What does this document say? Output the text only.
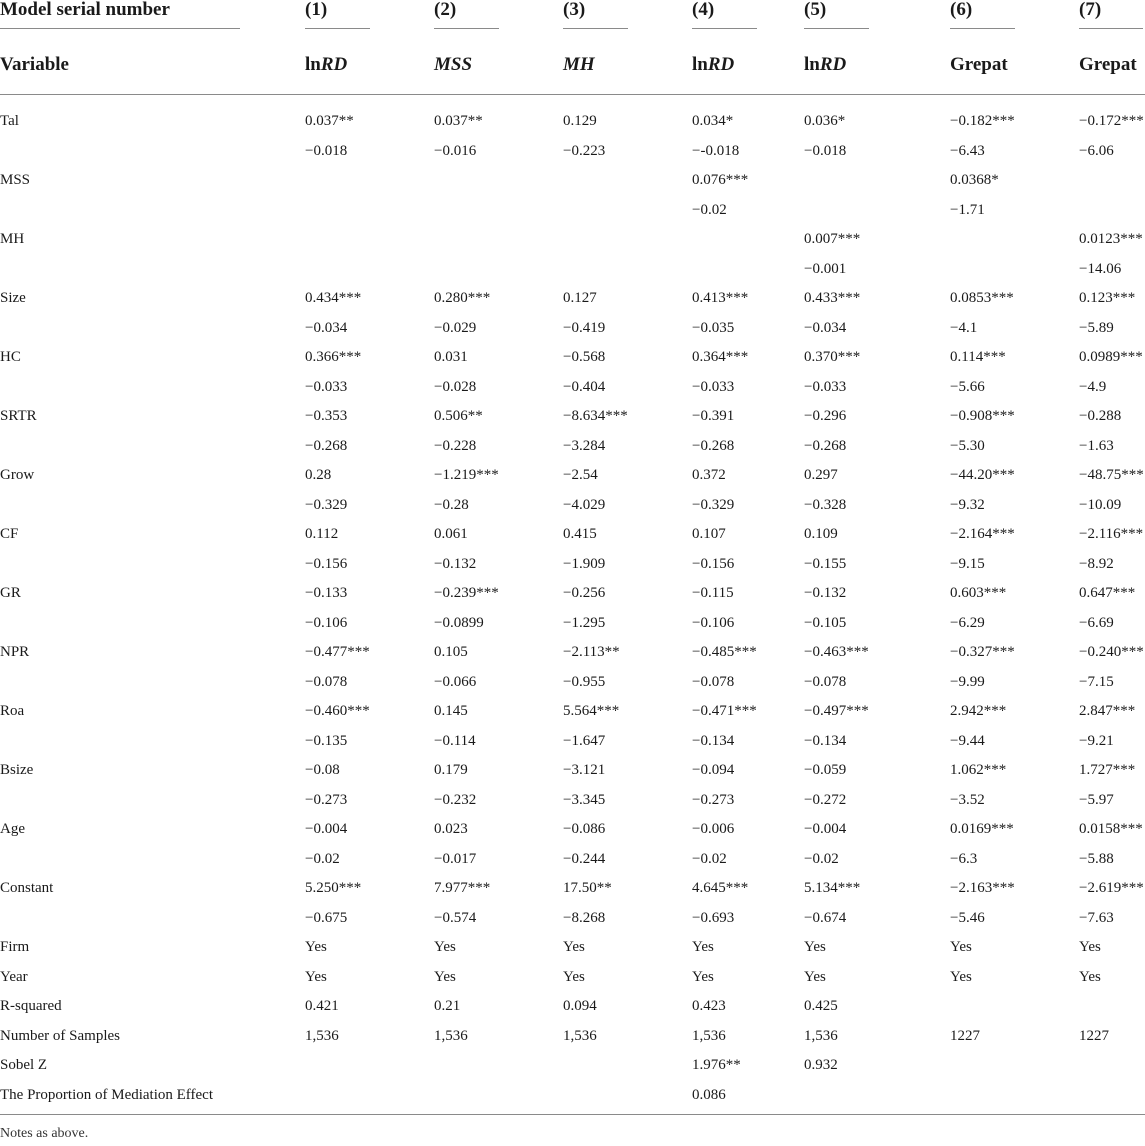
Model serial number	(1)	(2)	(3)	(4)	(5)	(6)	(7)
Variable	lnRD	MSS	MH	lnRD	lnRD	Grepat	Grepat
Tal	0.037**	0.037**	0.129	0.034*	0.036*	−0.182***	−0.172***
	−0.018	−0.016	−0.223	−-0.018	−0.018	−6.43	−6.06
MSS				0.076***		0.0368*	
				−0.02		−1.71	
MH					0.007***		0.0123***
					−0.001		−14.06
Size	0.434***	0.280***	0.127	0.413***	0.433***	0.0853***	0.123***
	−0.034	−0.029	−0.419	−0.035	−0.034	−4.1	−5.89
HC	0.366***	0.031	−0.568	0.364***	0.370***	0.114***	0.0989***
	−0.033	−0.028	−0.404	−0.033	−0.033	−5.66	−4.9
SRTR	−0.353	0.506**	−8.634***	−0.391	−0.296	−0.908***	−0.288
	−0.268	−0.228	−3.284	−0.268	−0.268	−5.30	−1.63
Grow	0.28	−1.219***	−2.54	0.372	0.297	−44.20***	−48.75***
	−0.329	−0.28	−4.029	−0.329	−0.328	−9.32	−10.09
CF	0.112	0.061	0.415	0.107	0.109	−2.164***	−2.116***
	−0.156	−0.132	−1.909	−0.156	−0.155	−9.15	−8.92
GR	−0.133	−0.239***	−0.256	−0.115	−0.132	0.603***	0.647***
	−0.106	−0.0899	−1.295	−0.106	−0.105	−6.29	−6.69
NPR	−0.477***	0.105	−2.113**	−0.485***	−0.463***	−0.327***	−0.240***
	−0.078	−0.066	−0.955	−0.078	−0.078	−9.99	−7.15
Roa	−0.460***	0.145	5.564***	−0.471***	−0.497***	2.942***	2.847***
	−0.135	−0.114	−1.647	−0.134	−0.134	−9.44	−9.21
Bsize	−0.08	0.179	−3.121	−0.094	−0.059	1.062***	1.727***
	−0.273	−0.232	−3.345	−0.273	−0.272	−3.52	−5.97
Age	−0.004	0.023	−0.086	−0.006	−0.004	0.0169***	0.0158***
	−0.02	−0.017	−0.244	−0.02	−0.02	−6.3	−5.88
Constant	5.250***	7.977***	17.50**	4.645***	5.134***	−2.163***	−2.619***
	−0.675	−0.574	−8.268	−0.693	−0.674	−5.46	−7.63
Firm	Yes	Yes	Yes	Yes	Yes	Yes	Yes
Year	Yes	Yes	Yes	Yes	Yes	Yes	Yes
R-squared	0.421	0.21	0.094	0.423	0.425		
Number of Samples	1,536	1,536	1,536	1,536	1,536	1227	1227
Sobel Z				1.976**	0.932		
The Proportion of Mediation Effect				0.086			
Notes as above.
